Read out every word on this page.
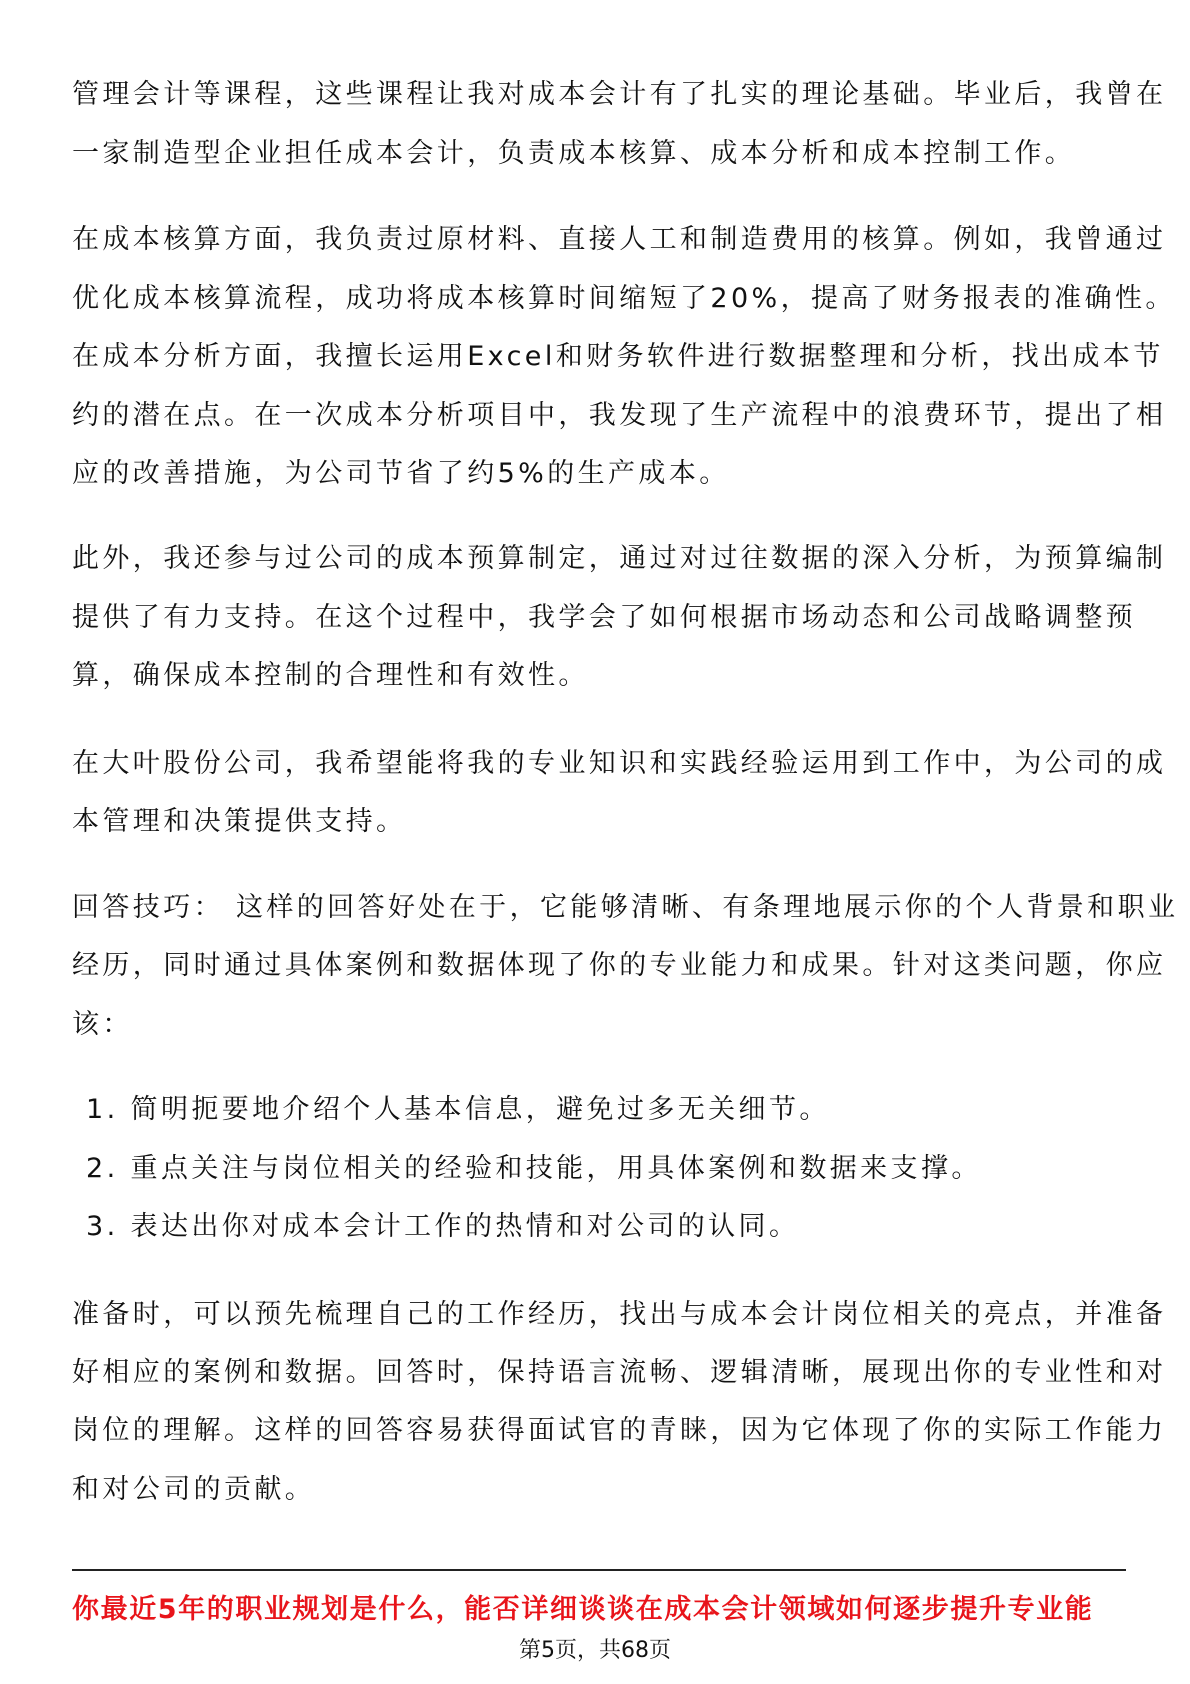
管理会计等课程，这些课程让我对成本会计有了扎实的理论基础。毕业后，我曾在
一家制造型企业担任成本会计，负责成本核算、成本分析和成本控制工作。
在成本核算方面，我负责过原材料、直接人工和制造费用的核算。例如，我曾通过
优化成本核算流程，成功将成本核算时间缩短了20%，提高了财务报表的准确性。
在成本分析方面，我擅长运用Excel和财务软件进行数据整理和分析，找出成本节
约的潜在点。在一次成本分析项目中，我发现了生产流程中的浪费环节，提出了相
应的改善措施，为公司节省了约5%的生产成本。
此外，我还参与过公司的成本预算制定，通过对过往数据的深入分析，为预算编制
提供了有力支持。在这个过程中，我学会了如何根据市场动态和公司战略调整预
算，确保成本控制的合理性和有效性。
在大叶股份公司，我希望能将我的专业知识和实践经验运用到工作中，为公司的成
本管理和决策提供支持。
回答技巧： 这样的回答好处在于，它能够清晰、有条理地展示你的个人背景和职业
经历，同时通过具体案例和数据体现了你的专业能力和成果。针对这类问题，你应
该：
1. 简明扼要地介绍个人基本信息，避免过多无关细节。
2. 重点关注与岗位相关的经验和技能，用具体案例和数据来支撑。
3. 表达出你对成本会计工作的热情和对公司的认同。
准备时，可以预先梳理自己的工作经历，找出与成本会计岗位相关的亮点，并准备
好相应的案例和数据。回答时，保持语言流畅、逻辑清晰，展现出你的专业性和对
岗位的理解。这样的回答容易获得面试官的青睐，因为它体现了你的实际工作能力
和对公司的贡献。
你最近5年的职业规划是什么，能否详细谈谈在成本会计领域如何逐步提升专业能
第5页，共68页
